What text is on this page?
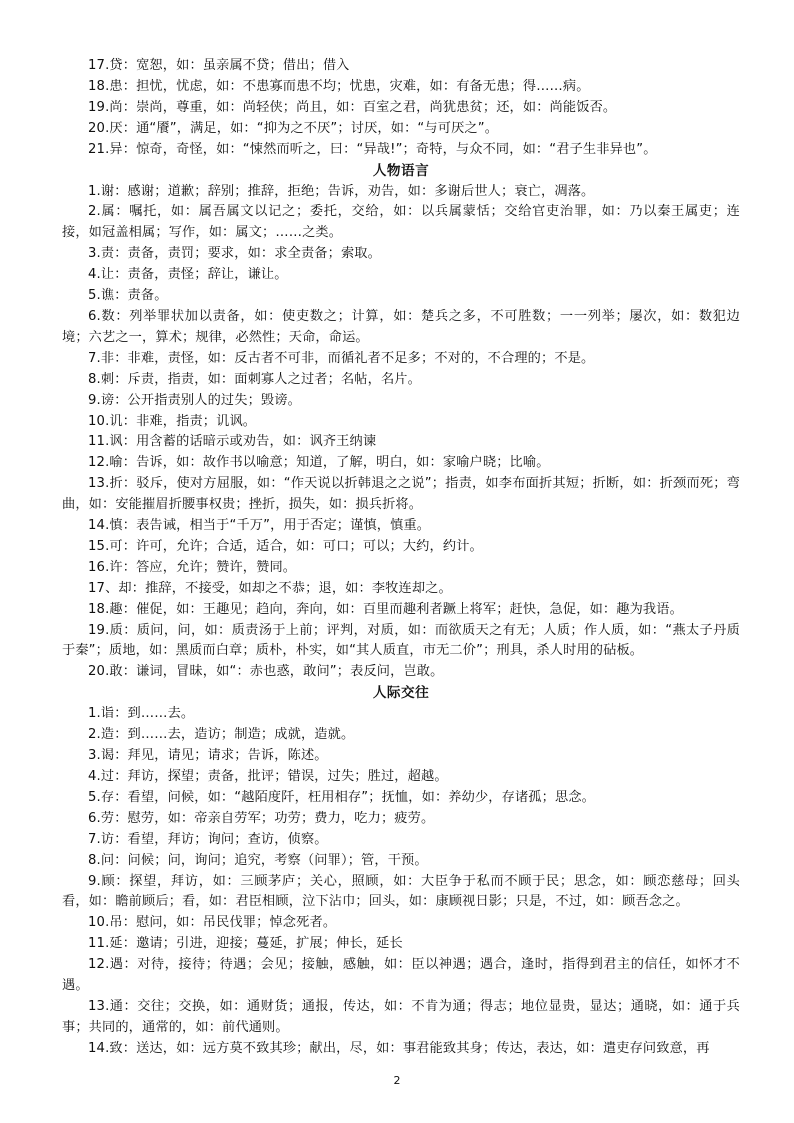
17.贷：宽恕，如：虽亲属不贷；借出；借入

18.患：担忧，忧虑，如：不患寡而患不均；忧患，灾难，如：有备无患；得……病。

19.尚：崇尚，尊重，如：尚轻侠；尚且，如：百室之君，尚犹患贫；还，如：尚能饭否。

20.厌：通“餍”，满足，如：“抑为之不厌”；讨厌，如：“与可厌之”。

21.异：惊奇，奇怪，如：“悚然而听之，曰：“异哉!”；奇特，与众不同，如：“君子生非异也”。

人物语言

1.谢：感谢；道歉；辞别；推辞，拒绝；告诉，劝告，如：多谢后世人；衰亡，凋落。

2.属：嘱托，如：属吾属文以记之；委托，交给，如：以兵属蒙恬；交给官吏治罪，如：乃以秦王属吏；连接，如冠盖相属；写作，如：属文；……之类。

3.责：责备，责罚；要求，如：求全责备；索取。

4.让：责备，责怪；辞让，谦让。

5.谯：责备。

6.数：列举罪状加以责备，如：使吏数之；计算，如：楚兵之多，不可胜数；一一列举；屡次，如：数犯边境；六艺之一，算术；规律，必然性；天命，命运。

7.非：非难，责怪，如：反古者不可非，而循礼者不足多；不对的，不合理的；不是。

8.刺：斥责，指责，如：面刺寡人之过者；名帖，名片。

9.谤：公开指责别人的过失；毁谤。

10.讥：非难，指责；讥讽。

11.讽：用含蓄的话暗示或劝告，如：讽齐王纳谏

12.喻：告诉，如：故作书以喻意；知道，了解，明白，如：家喻户晓；比喻。

13.折：驳斥，使对方屈服，如：“作天说以折韩退之之说”；指责，如李布面折其短；折断，如：折颈而死；弯曲，如：安能摧眉折腰事权贵；挫折，损失，如：损兵折将。

14.慎：表告诫，相当于“千万”，用于否定；谨慎，慎重。

15.可：许可，允许；合适，适合，如：可口；可以；大约，约计。

16.许：答应，允许；赞许，赞同。

17、却：推辞，不接受，如却之不恭；退，如：李牧连却之。

18.趣：催促，如：王趣见；趋向，奔向，如：百里而趣利者蹶上将军；赶快，急促，如：趣为我语。

19.质：质问，问，如：质责汤于上前；评判，对质，如：而欲质天之有无；人质；作人质，如：“燕太子丹质于秦”；质地，如：黑质而白章；质朴，朴实，如“其人质直，市无二价”；刑具，杀人时用的砧板。

20.敢：谦词，冒昧，如“：赤也惑，敢问”；表反问，岂敢。

人际交往

1.诣：到……去。

2.造：到……去，造访；制造；成就，造就。

3.谒：拜见，请见；请求；告诉，陈述。

4.过：拜访，探望；责备，批评；错误，过失；胜过，超越。

5.存：看望，问候，如：“越陌度阡，枉用相存”；抚恤，如：养幼少，存诸孤；思念。

6.劳：慰劳，如：帝亲自劳军；功劳；费力，吃力；疲劳。

7.访：看望，拜访；询问；查访，侦察。

8.问：问候；问，询问；追究，考察（问罪）；管，干预。

9.顾：探望，拜访，如：三顾茅庐；关心，照顾，如：大臣争于私而不顾于民；思念，如：顾恋慈母；回头看，如：瞻前顾后；看，如：君臣相顾，泣下沾巾；回头，如：康顾视日影；只是，不过，如：顾吾念之。

10.吊：慰问，如：吊民伐罪；悼念死者。

11.延：邀请；引进，迎接；蔓延，扩展；伸长，延长

12.遇：对待，接待；待遇；会见；接触，感触，如：臣以神遇；遇合，逢时，指得到君主的信任，如怀才不遇。

13.通：交往；交换，如：通财货；通报，传达，如：不肯为通；得志；地位显贵，显达；通晓，如：通于兵事；共同的，通常的，如：前代通则。

14.致：送达，如：远方莫不致其珍；献出，尽，如：事君能致其身；传达，表达，如：遣吏存问致意，再

2
